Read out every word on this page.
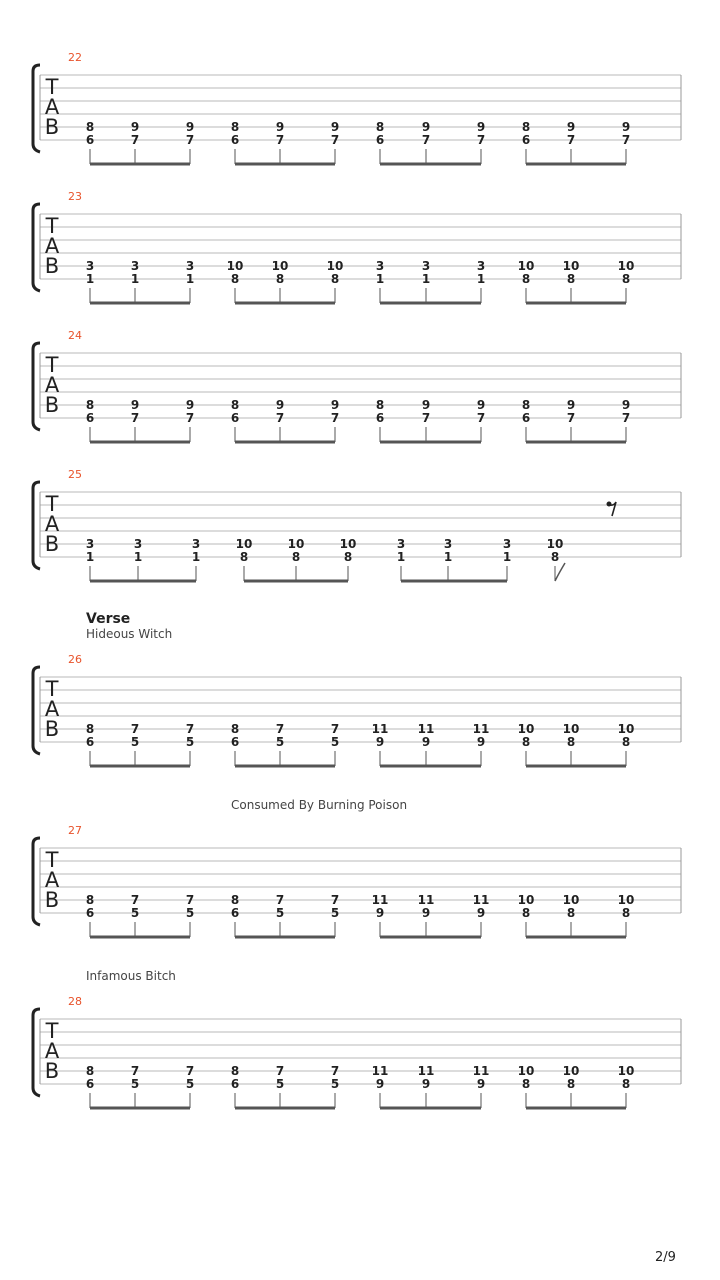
2/9
Verse
22
T
A
B 8
6
9
7
9
7
8
6
9
7
9
7
8
6
9
7
9
7
8
6
9
7
9
7
23
T
A
B 3
1
3
1
3
1
10
8
10
8
10
8
3
1
3
1
3
1
10
8
10
8
10
8
24
T
A
B 8
6
9
7
9
7
8
6
9
7
9
7
8
6
9
7
9
7
8
6
9
7
9
7
25
T
A
B 3
1
3
1
3
1
10
8
10
8
10
8
3
1
3
1
3
1
10
8
26
Hideous Witch
T
A
B 8
6
7
5
7
5
8
6
7
5
7
5
11
9
11
9
11
9
10
8
10
8
10
8
27
Consumed By Burning Poison
T
A
B 8
6
7
5
7
5
8
6
7
5
7
5
11
9
11
9
11
9
10
8
10
8
10
8
28
Infamous Bitch
T
A
B 8
6
7
5
7
5
8
6
7
5
7
5
11
9
11
9
11
9
10
8
10
8
10
8
